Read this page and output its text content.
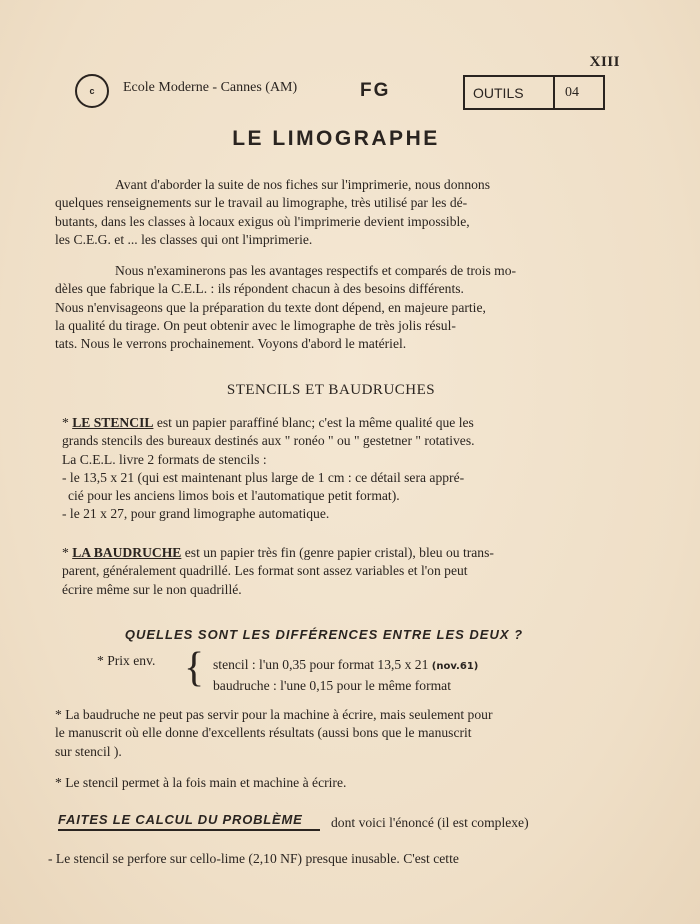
XIII
c	Ecole Moderne - Cannes (AM)	FG	OUTILS	04
LE LIMOGRAPHE
Avant d'aborder la suite de nos fiches sur l'imprimerie, nous donnons
quelques renseignements sur le travail au limographe, très utilisé par les dé-
butants, dans les classes à locaux exigus où l'imprimerie devient impossible,
les C.E.G. et ... les classes qui ont l'imprimerie.
Nous n'examinerons pas les avantages respectifs et comparés de trois mo-
dèles que fabrique la C.E.L. : ils répondent chacun à des besoins différents.
Nous n'envisageons que la préparation du texte dont dépend, en majeure partie,
la qualité du tirage. On peut obtenir avec le limographe de très jolis résul-
tats. Nous le verrons prochainement. Voyons d'abord le matériel.
STENCILS ET BAUDRUCHES
* LE STENCIL est un papier paraffiné blanc; c'est la même qualité que les
grands stencils des bureaux destinés aux " ronéo " ou " gestetner " rotatives.
La C.E.L. livre 2 formats de stencils :
- le 13,5 x 21 (qui est maintenant plus large de 1 cm : ce détail sera appré-
cié pour les anciens limos bois et l'automatique petit format).
- le 21 x 27, pour grand limographe automatique.
* LA BAUDRUCHE est un papier très fin (genre papier cristal), bleu ou trans-
parent, généralement quadrillé. Les format sont assez variables et l'on peut
écrire même sur le non quadrillé.
QUELLES SONT LES DIFFÉRENCES ENTRE LES DEUX ?
* Prix env. { stencil : l'un 0,35 pour format 13,5 x 21 (nov.61)
baudruche : l'une 0,15 pour le même format
* La baudruche ne peut pas servir pour la machine à écrire, mais seulement pour
le manuscrit où elle donne d'excellents résultats (aussi bons que le manuscrit
sur stencil ).
* Le stencil permet à la fois main et machine à écrire.
FAITES LE CALCUL DU PROBLÈME dont voici l'énoncé (il est complexe)
- Le stencil se perfore sur cello-lime (2,10 NF) presque inusable. C'est cette
